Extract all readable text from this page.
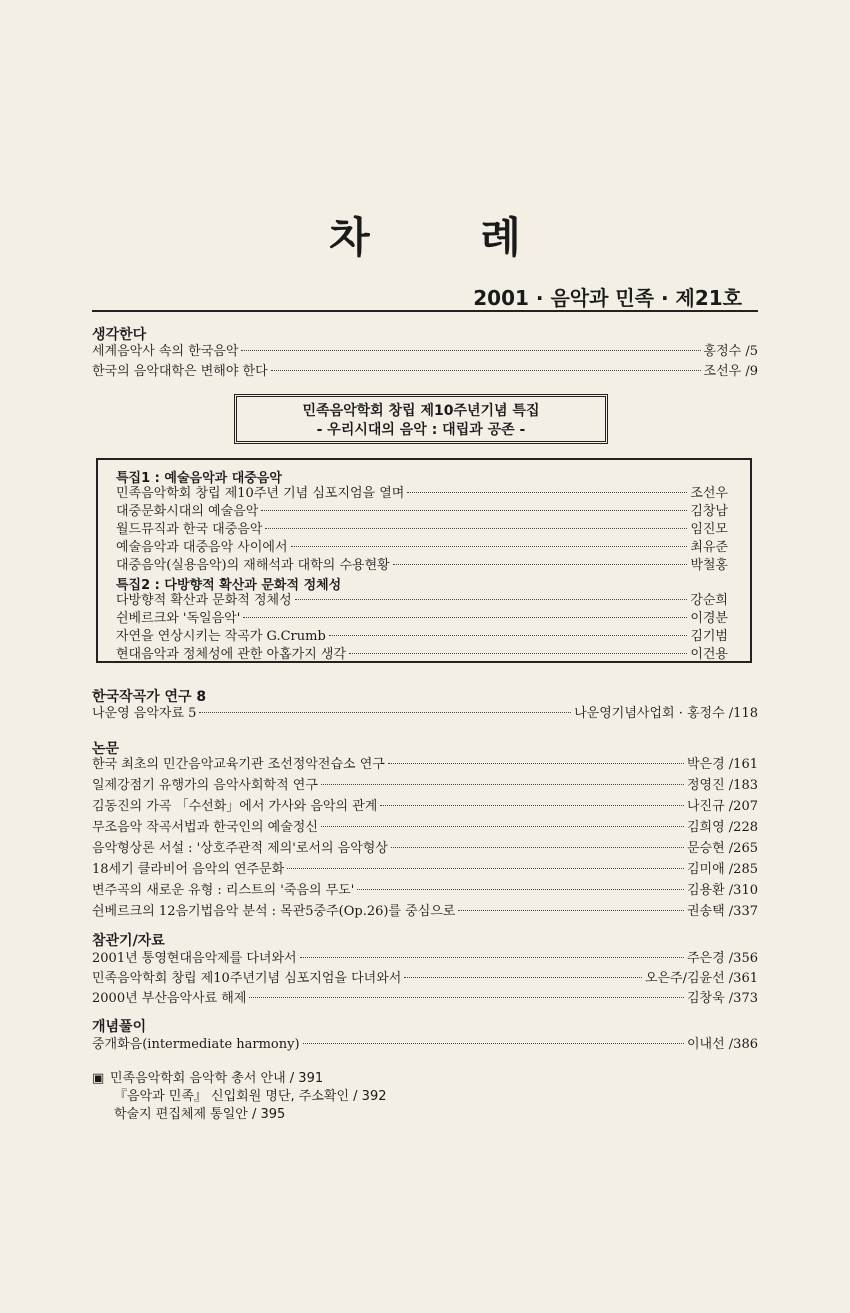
차 례
2001 · 음악과 민족 · 제21호
생각한다
세계음악사 속의 한국음악	홍정수 /5
한국의 음악대학은 변해야 한다	조선우 /9
민족음악학회 창립 제10주년기념 특집
- 우리시대의 음악 : 대립과 공존 -
특집1 : 예술음악과 대중음악
민족음악학회 창립 제10주년 기념 심포지엄을 열며	조선우
대중문화시대의 예술음악	김창남
월드뮤직과 한국 대중음악	임진모
예술음악과 대중음악 사이에서	최유준
대중음악(실용음악)의 재해석과 대학의 수용현황	박철홍
특집2 : 다방향적 확산과 문화적 정체성
다방향적 확산과 문화적 정체성	강순희
쉰베르크와 '독일음악'	이경분
자연을 연상시키는 작곡가 G.Crumb	김기범
현대음악과 정체성에 관한 아홉가지 생각	이건용
한국작곡가 연구 8
나운영 음악자료 5	나운영기념사업회 · 홍정수 /118
논문
한국 최초의 민간음악교육기관 조선정악전습소 연구	박은경 /161
일제강점기 유행가의 음악사회학적 연구	정영진 /183
김동진의 가곡 「수선화」에서 가사와 음악의 관계	나진규 /207
무조음악 작곡서법과 한국인의 예술정신	김희영 /228
음악형상론 서설 : '상호주관적 제의'로서의 음악형상	문승현 /265
18세기 클라비어 음악의 연주문화	김미애 /285
변주곡의 새로운 유형 : 리스트의 '죽음의 무도'	김용환 /310
쉰베르크의 12음기법음악 분석 : 목관5중주(Op.26)를 중심으로	권송택 /337
참관기/자료
2001년 통영현대음악제를 다녀와서	주은경 /356
민족음악학회 창립 제10주년기념 심포지엄을 다녀와서	오은주/김윤선 /361
2000년 부산음악사료 해제	김창욱 /373
개념풀이
중개화음(intermediate harmony)	이내선 /386
▣ 민족음악학회 음악학 총서 안내 / 391
『음악과 민족』 신입회원 명단, 주소확인 / 392
학술지 편집체제 통일안 / 395
